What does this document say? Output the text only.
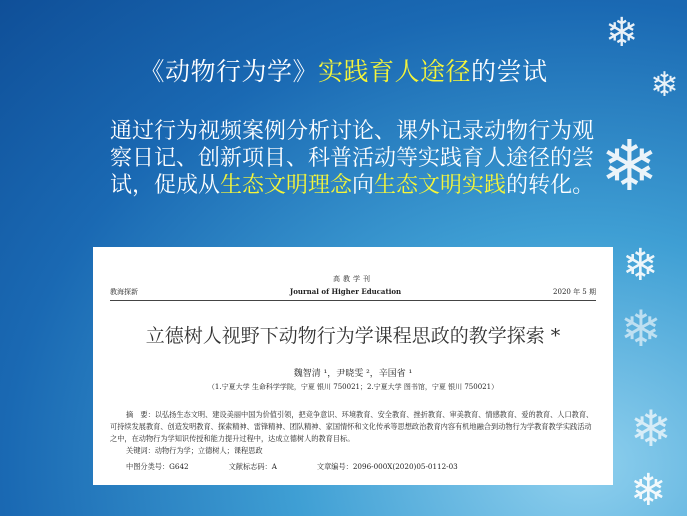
《动物行为学》实践育人途径的尝试
通过行为视频案例分析讨论、课外记录动物行为观察日记、创新项目、科普活动等实践育人途径的尝试，促成从生态文明理念向生态文明实践的转化。
高教学刊
教海探新	Journal of Higher Education	2020 年 5 期
立德树人视野下动物行为学课程思政的教学探索 *
魏智清 ¹，尹晓雯 ²，辛国省 ¹
（1.宁夏大学 生命科学学院，宁夏 银川 750021；2.宁夏大学 图书馆，宁夏 银川 750021）
摘　要：以弘扬生态文明、建设美丽中国为价值引领，把竞争意识、环境教育、安全教育、挫折教育、审美教育、情感教育、爱的教育、人口教育、可持续发展教育、创造发明教育、探索精神、雷锋精神、团队精神、家国情怀和文化传承等思想政治教育内容有机地融合到动物行为学教育教学实践活动之中，在动物行为学知识传授和能力提升过程中，达成立德树人的教育目标。
关键词：动物行为学；立德树人；课程思政
中图分类号：G642	文献标志码：A	文章编号：2096-000X(2020)05-0112-03
❄
❄
❄
❄
❄
❄
❄
